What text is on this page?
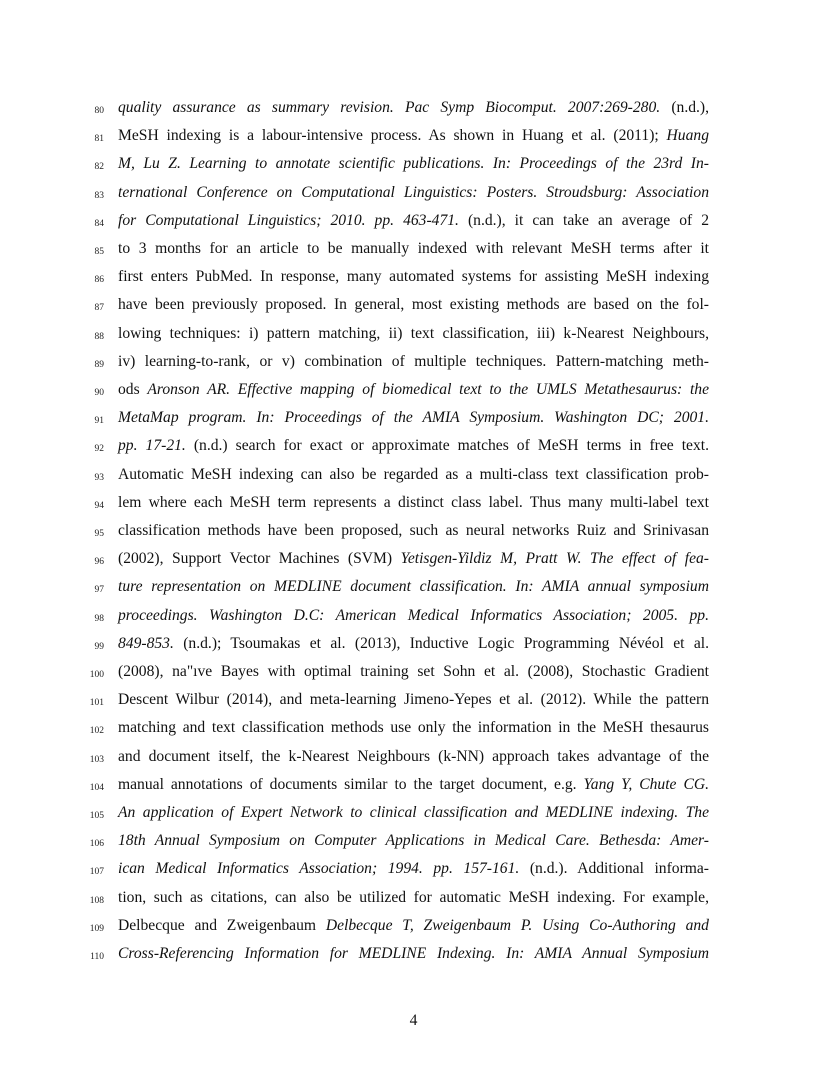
80 quality assurance as summary revision. Pac Symp Biocomput. 2007:269-280. (n.d.),
81 MeSH indexing is a labour-intensive process. As shown in Huang et al. (2011); Huang
82 M, Lu Z. Learning to annotate scientific publications. In: Proceedings of the 23rd In-
83 ternational Conference on Computational Linguistics: Posters. Stroudsburg: Association
84 for Computational Linguistics; 2010. pp. 463-471. (n.d.), it can take an average of 2
85 to 3 months for an article to be manually indexed with relevant MeSH terms after it
86 first enters PubMed. In response, many automated systems for assisting MeSH indexing
87 have been previously proposed. In general, most existing methods are based on the fol-
88 lowing techniques: i) pattern matching, ii) text classification, iii) k-Nearest Neighbours,
89 iv) learning-to-rank, or v) combination of multiple techniques. Pattern-matching meth-
90 ods Aronson AR. Effective mapping of biomedical text to the UMLS Metathesaurus: the
91 MetaMap program. In: Proceedings of the AMIA Symposium. Washington DC; 2001.
92 pp. 17-21. (n.d.) search for exact or approximate matches of MeSH terms in free text.
93 Automatic MeSH indexing can also be regarded as a multi-class text classification prob-
94 lem where each MeSH term represents a distinct class label. Thus many multi-label text
95 classification methods have been proposed, such as neural networks Ruiz and Srinivasan
96 (2002), Support Vector Machines (SVM) Yetisgen-Yildiz M, Pratt W. The effect of fea-
97 ture representation on MEDLINE document classification. In: AMIA annual symposium
98 proceedings. Washington D.C: American Medical Informatics Association; 2005. pp.
99 849-853. (n.d.); Tsoumakas et al. (2013), Inductive Logic Programming Névéol et al.
100 (2008), na"ıve Bayes with optimal training set Sohn et al. (2008), Stochastic Gradient
101 Descent Wilbur (2014), and meta-learning Jimeno-Yepes et al. (2012). While the pattern
102 matching and text classification methods use only the information in the MeSH thesaurus
103 and document itself, the k-Nearest Neighbours (k-NN) approach takes advantage of the
104 manual annotations of documents similar to the target document, e.g. Yang Y, Chute CG.
105 An application of Expert Network to clinical classification and MEDLINE indexing. The
106 18th Annual Symposium on Computer Applications in Medical Care. Bethesda: Amer-
107 ican Medical Informatics Association; 1994. pp. 157-161. (n.d.). Additional informa-
108 tion, such as citations, can also be utilized for automatic MeSH indexing. For example,
109 Delbecque and Zweigenbaum Delbecque T, Zweigenbaum P. Using Co-Authoring and
110 Cross-Referencing Information for MEDLINE Indexing. In: AMIA Annual Symposium
4
